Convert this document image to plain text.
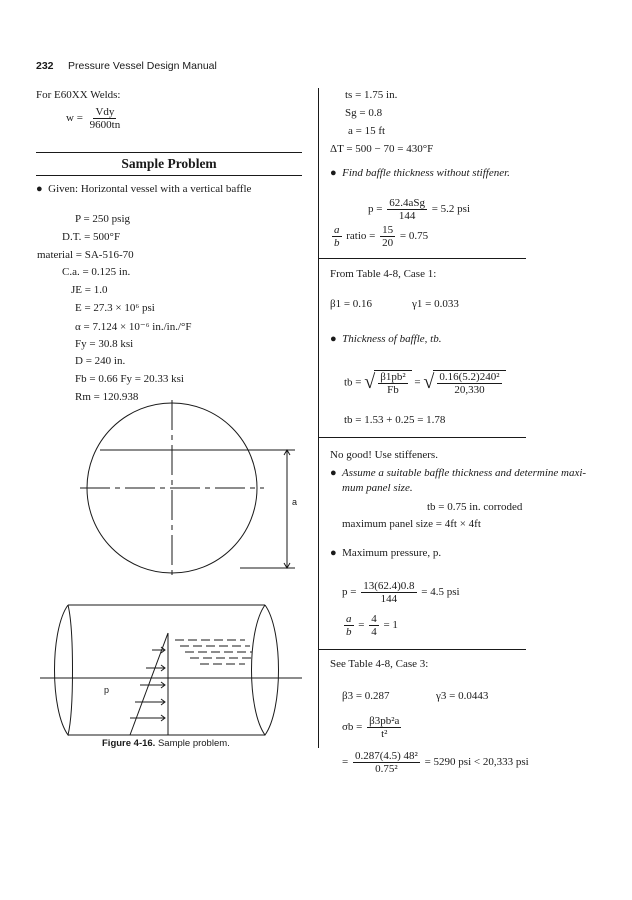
232 Pressure Vessel Design Manual
For E60XX Welds:
$w = \frac{\text{Vdy}}{9600tn}$
Sample Problem
● Given: Horizontal vessel with a vertical baffle
P = 250 psig
D.T. = 500°F
material = SA-516-70
C.a. = 0.125 in.
JE = 1.0
E = 27.3 × 10⁶ psi
α = 7.124 × 10⁻⁶ in./in./°F
Fy = 30.8 ksi
D = 240 in.
Fb = 0.66 Fy = 20.33 ksi
Rm = 120.938
a
p
Figure 4-16. Sample problem.
ts = 1.75 in.
Sg = 0.8
a = 15 ft
ΔT = 500 − 70 = 430°F
● Find baffle thickness without stiffener.
$p = \frac{\text{62.4aSg}}{144} = 5.2$ psi
$\frac{a}{b}$ ratio = $\frac{15}{20} = 0.75$
From Table 4-8, Case 1:
β1 = 0.16	γ1 = 0.033
● Thickness of baffle, tb.
tb = √ $\frac{\text{β1pb²}}{Fb}$ = √ $\frac{\text{0.16(5.2)240²}}{20,330}$
tb = 1.53 + 0.25 = 1.78
No good! Use stiffeners.
● Assume a suitable baffle thickness and determine maxi-
mum panel size.
tb = 0.75 in. corroded
maximum panel size = 4ft × 4ft
● Maximum pressure, p.
$p = \frac{13(62.4)0.8}{144} = 4.5$ psi
$\frac{a}{b} = \frac{4}{4} = 1$
See Table 4-8, Case 3:
β3 = 0.287	γ3 = 0.0443
$\sigma b = \frac{\text{β3pb²a}}{\text{t²}}$
= $\frac{\text{0.287(4.5) 48²}}{\text{0.75²}} = 5290$ psi < 20,333 psi
